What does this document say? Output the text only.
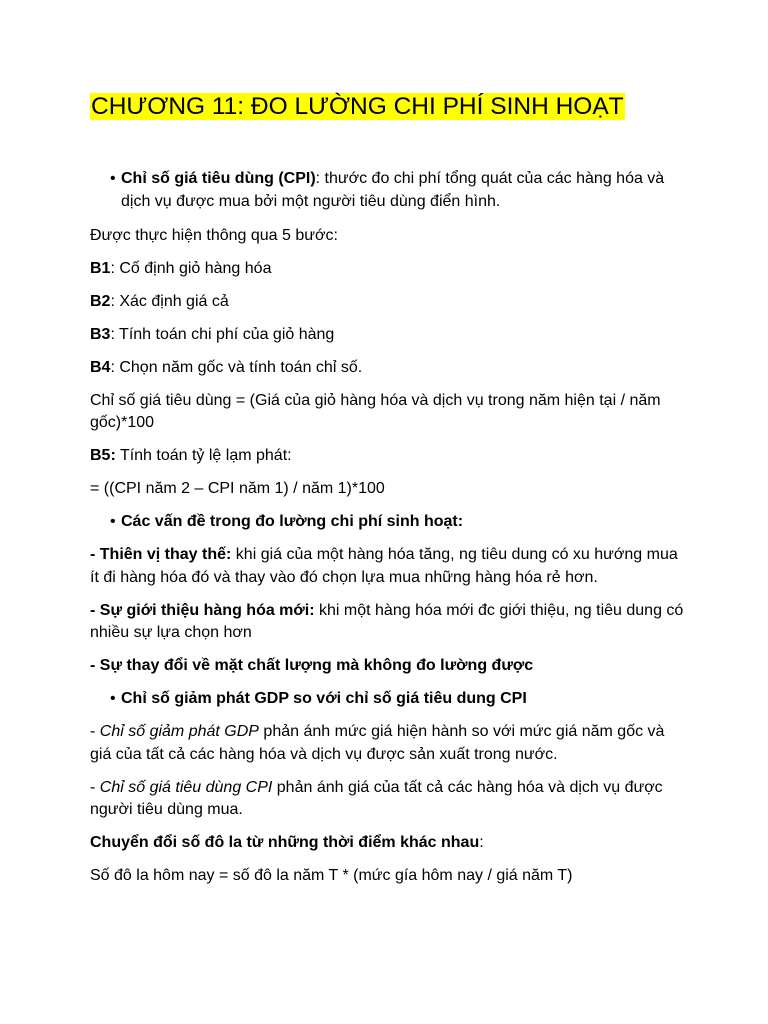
CHƯƠNG 11: ĐO LƯỜNG CHI PHÍ SINH HOẠT
• Chỉ số giá tiêu dùng (CPI): thước đo chi phí tổng quát của các hàng hóa và dịch vụ được mua bởi một người tiêu dùng điển hình.

Được thực hiện thông qua 5 bước:

B1: Cố định giỏ hàng hóa

B2: Xác định giá cả

B3: Tính toán chi phí của giỏ hàng

B4: Chọn năm gốc và tính toán chỉ số.

Chỉ số giá tiêu dùng = (Giá của giỏ hàng hóa và dịch vụ trong năm hiện tại / năm gốc)*100

B5: Tính toán tỷ lệ lạm phát:

= ((CPI năm 2 – CPI năm 1) / năm 1)*100

• Các vấn đề trong đo lường chi phí sinh hoạt:

- Thiên vị thay thế: khi giá của một hàng hóa tăng, ng tiêu dung có xu hướng mua ít đi hàng hóa đó và thay vào đó chọn lựa mua những hàng hóa rẻ hơn.

- Sự giới thiệu hàng hóa mới: khi một hàng hóa mới đc giới thiệu, ng tiêu dung có nhiều sự lựa chọn hơn

- Sự thay đổi về mặt chất lượng mà không đo lường được

• Chỉ số giảm phát GDP so với chỉ số giá tiêu dung CPI

- Chỉ số giảm phát GDP phản ánh mức giá hiện hành so với mức giá năm gốc và giá của tất cả các hàng hóa và dịch vụ được sản xuất trong nước.

- Chỉ số giá tiêu dùng CPI phản ánh giá của tất cả các hàng hóa và dịch vụ được người tiêu dùng mua.

Chuyển đổi số đô la từ những thời điểm khác nhau:

Số đô la hôm nay = số đô la năm T * (mức gía hôm nay / giá năm T)
